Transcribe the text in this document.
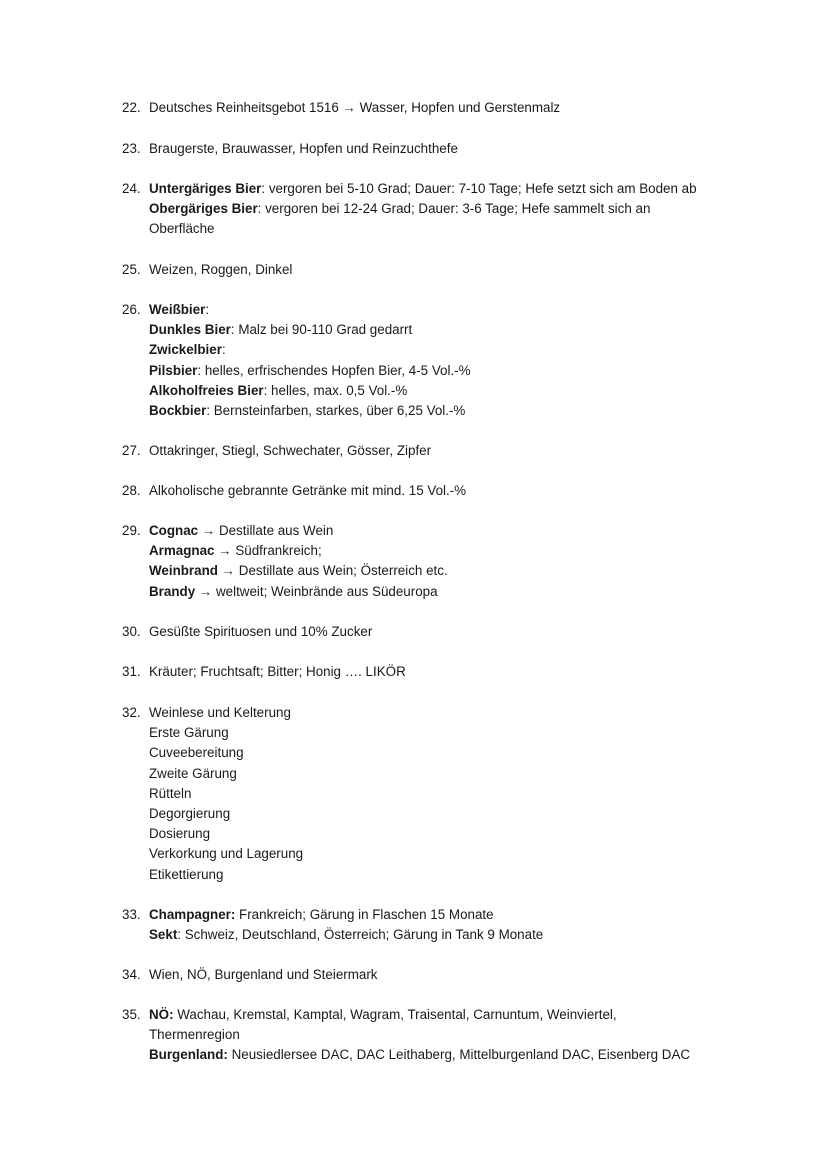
22. Deutsches Reinheitsgebot 1516 → Wasser, Hopfen und Gerstenmalz
23. Braugerste, Brauwasser, Hopfen und Reinzuchthefe
24. Untergäriges Bier: vergoren bei 5-10 Grad; Dauer: 7-10 Tage; Hefe setzt sich am Boden ab
Obergäriges Bier: vergoren bei 12-24 Grad; Dauer: 3-6 Tage; Hefe sammelt sich an
Oberfläche
25. Weizen, Roggen, Dinkel
26. Weißbier:
Dunkles Bier: Malz bei 90-110 Grad gedarrt
Zwickelbier:
Pilsbier: helles, erfrischendes Hopfen Bier, 4-5 Vol.-%
Alkoholfreies Bier: helles, max. 0,5 Vol.-%
Bockbier: Bernsteinfarben, starkes, über 6,25 Vol.-%
27. Ottakringer, Stiegl, Schwechater, Gösser, Zipfer
28. Alkoholische gebrannte Getränke mit mind. 15 Vol.-%
29. Cognac → Destillate aus Wein
Armagnac → Südfrankreich;
Weinbrand → Destillate aus Wein; Österreich etc.
Brandy → weltweit; Weinbrände aus Südeuropa
30. Gesüßte Spirituosen und 10% Zucker
31. Kräuter; Fruchtsaft; Bitter; Honig …. LIKÖR
32. Weinlese und Kelterung
Erste Gärung
Cuveebereitung
Zweite Gärung
Rütteln
Degorgierung
Dosierung
Verkorkung und Lagerung
Etikettierung
33. Champagner: Frankreich; Gärung in Flaschen 15 Monate
Sekt: Schweiz, Deutschland, Österreich; Gärung in Tank 9 Monate
34. Wien, NÖ, Burgenland und Steiermark
35. NÖ: Wachau, Kremstal, Kamptal, Wagram, Traisental, Carnuntum, Weinviertel,
Thermenregion
Burgenland: Neusiedlersee DAC, DAC Leithaberg, Mittelburgenland DAC, Eisenberg DAC
